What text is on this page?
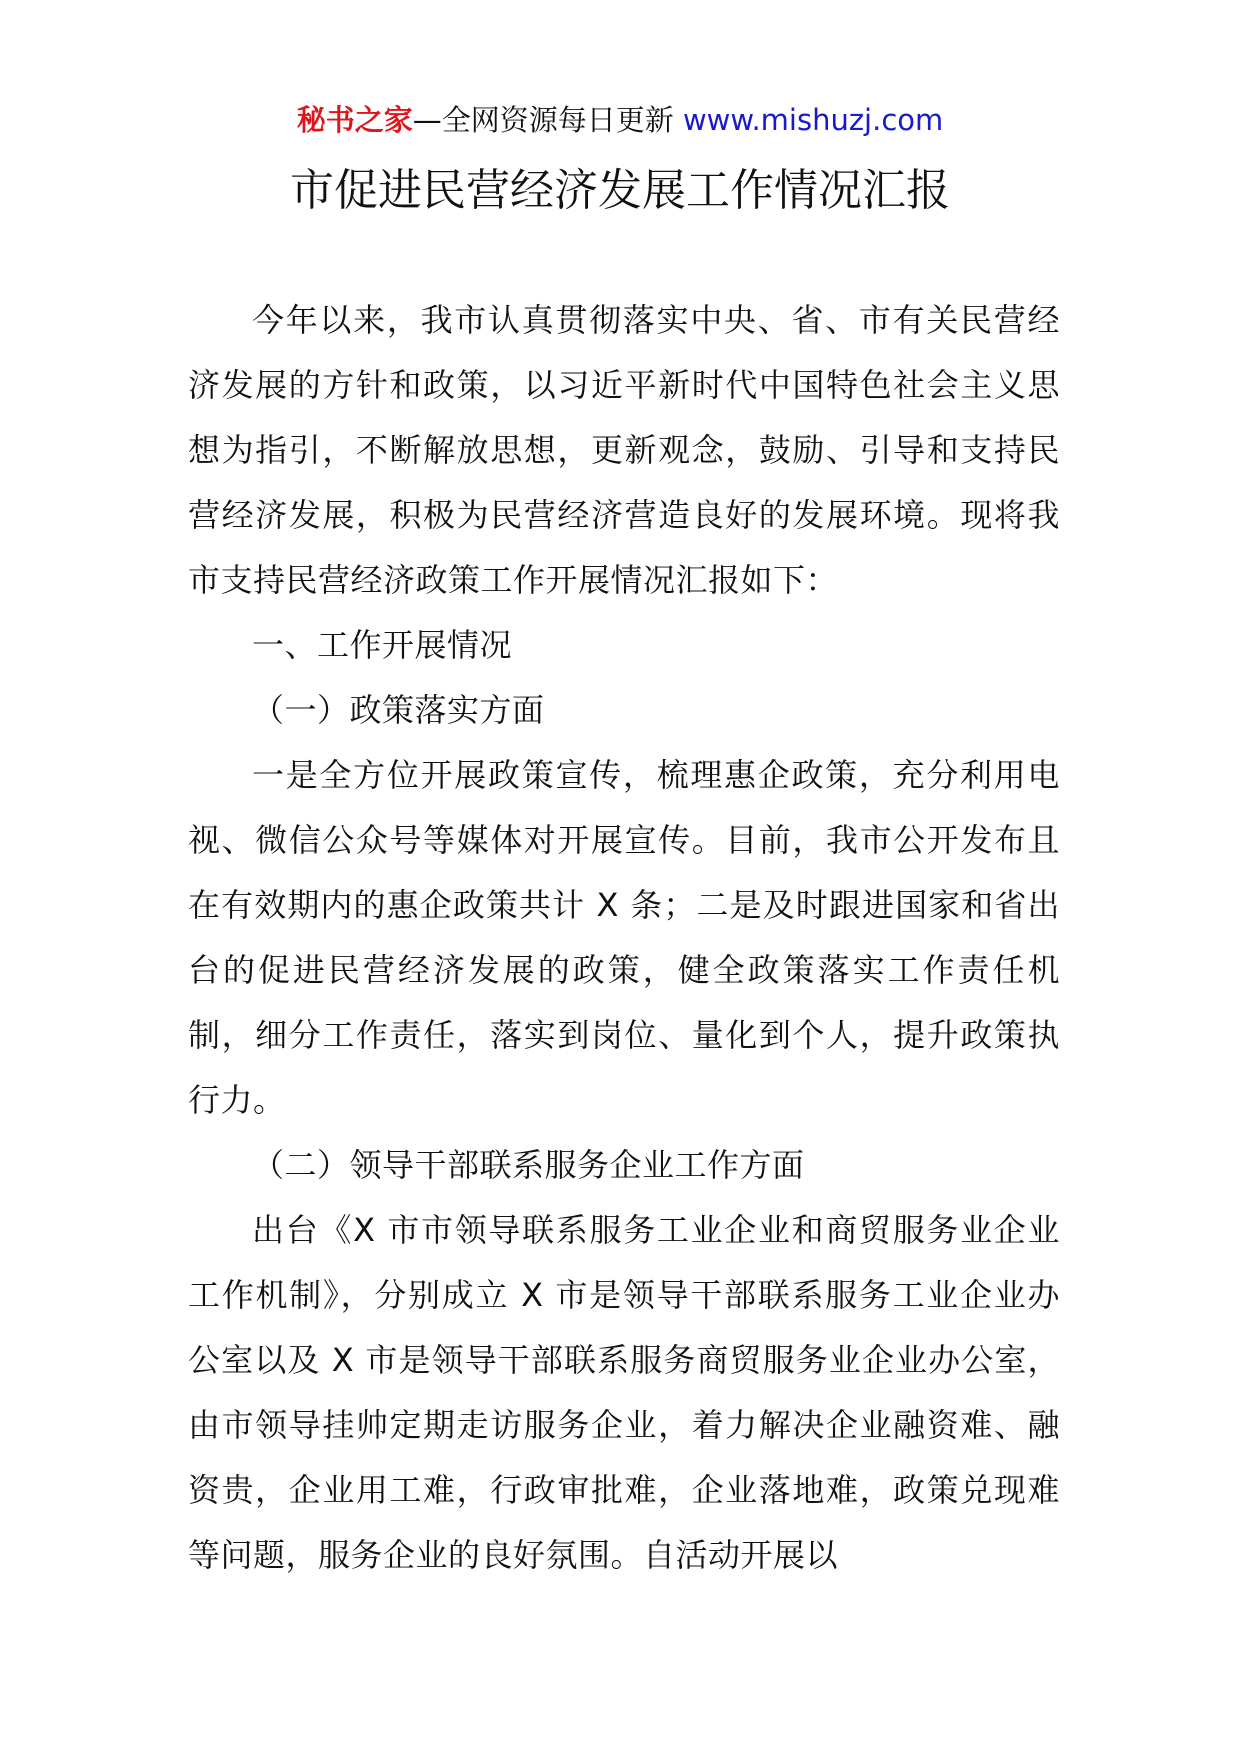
秘书之家—全网资源每日更新 www.mishuzj.com
市促进民营经济发展工作情况汇报

今年以来，我市认真贯彻落实中央、省、市有关民营经济发展的方针和政策，以习近平新时代中国特色社会主义思想为指引，不断解放思想，更新观念，鼓励、引导和支持民营经济发展，积极为民营经济营造良好的发展环境。现将我市支持民营经济政策工作开展情况汇报如下：

一、工作开展情况

（一）政策落实方面

一是全方位开展政策宣传，梳理惠企政策，充分利用电视、微信公众号等媒体对开展宣传。目前，我市公开发布且在有效期内的惠企政策共计 X 条；二是及时跟进国家和省出台的促进民营经济发展的政策，健全政策落实工作责任机制，细分工作责任，落实到岗位、量化到个人，提升政策执行力。

（二）领导干部联系服务企业工作方面

出台《X 市市领导联系服务工业企业和商贸服务业企业工作机制》，分别成立 X 市是领导干部联系服务工业企业办公室以及 X 市是领导干部联系服务商贸服务业企业办公室，由市领导挂帅定期走访服务企业，着力解决企业融资难、融资贵，企业用工难，行政审批难，企业落地难，政策兑现难等问题，服务企业的良好氛围。自活动开展以
